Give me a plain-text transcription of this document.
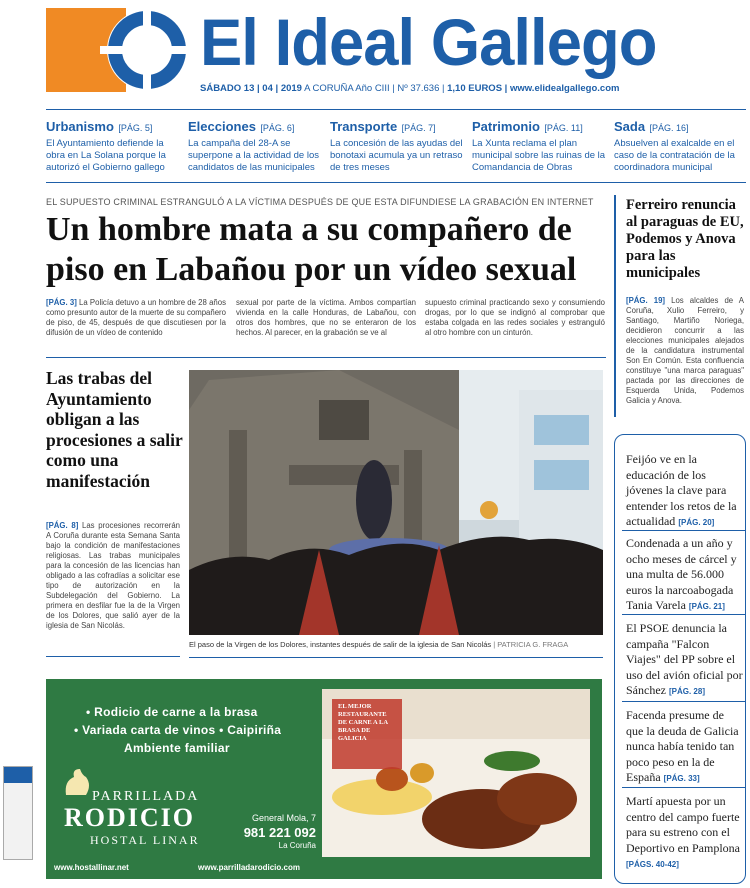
El Ideal Gallego
SÁBADO 13 | 04 | 2019 A CORUÑA Año CIII | Nº 37.636 | 1,10 EUROS | www.elidealgallego.com
Urbanismo [PÁG. 5]
El Ayuntamiento defiende la obra en La Solana porque la autorizó el Gobierno gallego
Elecciones [PÁG. 6]
La campaña del 28-A se superpone a la actividad de los candidatos de las municipales
Transporte [PÁG. 7]
La concesión de las ayudas del bonotaxi acumula ya un retraso de tres meses
Patrimonio [PÁG. 11]
La Xunta reclama el plan municipal sobre las ruinas de la Comandancia de Obras
Sada [PÁG. 16]
Absuelven al exalcalde en el caso de la contratación de la coordinadora municipal
EL SUPUESTO CRIMINAL ESTRANGULÓ A LA VÍCTIMA DESPUÉS DE QUE ESTA DIFUNDIESE LA GRABACIÓN EN INTERNET
Un hombre mata a su compañero de piso en Labañou por un vídeo sexual
[PÁG. 3] La Policía detuvo a un hombre de 28 años como presunto autor de la muerte de su compañero de piso, de 45, después de que discutiesen por la difusión de un vídeo de contenido
sexual por parte de la víctima. Ambos compartían vivienda en la calle Honduras, de Labañou, con otros dos hombres, que no se enteraron de los hechos. Al parecer, en la grabación se ve al
supuesto criminal practicando sexo y consumiendo drogas, por lo que se indignó al comprobar que estaba colgada en las redes sociales y estranguló al otro hombre con un cinturón.
Ferreiro renuncia al paraguas de EU, Podemos y Anova para las municipales
[PÁG. 19] Los alcaldes de A Coruña, Xulio Ferreiro, y Santiago, Martiño Noriega, decidieron concurrir a las elecciones municipales alejados de la candidatura instrumental Son En Común. Esta confluencia constituye "una marca paraguas" pactada por las direcciones de Esquerda Unida, Podemos Galicia y Anova.
Feijóo ve en la educación de los jóvenes la clave para entender los retos de la actualidad [PÁG. 20]
Condenada a un año y ocho meses de cárcel y una multa de 56.000 euros la narcoabogada Tania Varela [PÁG. 21]
El PSOE denuncia la campaña "Falcon Viajes" del PP sobre el uso del avión oficial por Sánchez [PÁG. 28]
Facenda presume de que la deuda de Galicia nunca había tenido tan poco peso en la de España [PÁG. 33]
Martí apuesta por un centro del campo fuerte para su estreno con el Deportivo en Pamplona [PÁGS. 40-42]
Las trabas del Ayuntamiento obligan a las procesiones a salir como una manifestación
[PÁG. 8] Las procesiones recorrerán A Coruña durante esta Semana Santa bajo la condición de manifestaciones religiosas. Las trabas municipales para la concesión de las licencias han obligado a las cofradías a solicitar ese tipo de autorización en la Subdelegación del Gobierno. La primera en desfilar fue la de la Virgen de los Dolores, que salió ayer de la iglesia de San Nicolás.
El paso de la Virgen de los Dolores, instantes después de salir de la iglesia de San Nicolás | PATRICIA G. FRAGA
• Rodicio de carne a la brasa
• Variada carta de vinos • Caipiriña
Ambiente familiar
PARRILLADA
RODICIO
HOSTAL LINAR
General Mola, 7
981 221 092
La Coruña
www.hostallinar.net	www.parrilladarodicio.com
EL MEJOR RESTAURANTE DE CARNE A LA BRASA DE GALICIA
